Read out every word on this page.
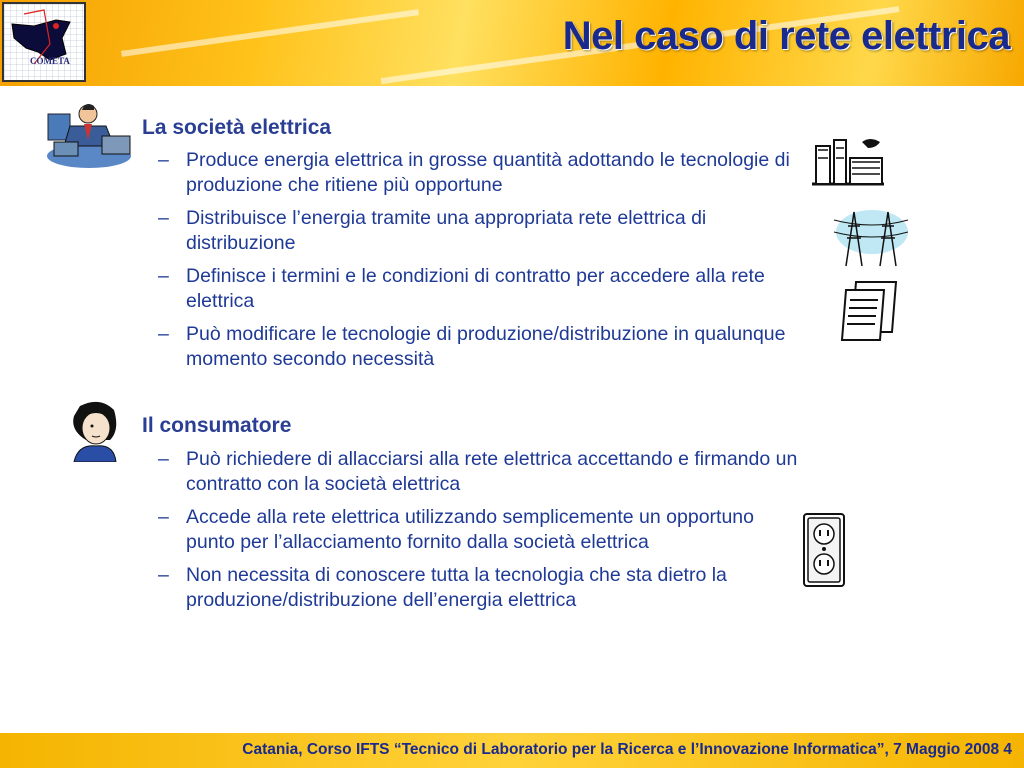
COMETA
Nel caso di rete elettrica
La società elettrica
– Produce energia elettrica in grosse quantità adottando le tecnologie di produzione che ritiene più opportune
– Distribuisce l’energia tramite una appropriata rete elettrica di distribuzione
– Definisce i termini e le condizioni di contratto per accedere alla rete elettrica
– Può modificare le tecnologie di produzione/distribuzione in qualunque momento secondo necessità
Il consumatore
– Può richiedere di allacciarsi alla rete elettrica accettando e firmando un contratto con la società elettrica
– Accede alla rete elettrica utilizzando semplicemente un opportuno punto per l’allacciamento fornito dalla società elettrica
– Non necessita di conoscere tutta la tecnologia che sta dietro la produzione/distribuzione dell’energia elettrica
Catania, Corso IFTS “Tecnico di Laboratorio per la Ricerca e l’Innovazione Informatica”, 7 Maggio 2008 4
